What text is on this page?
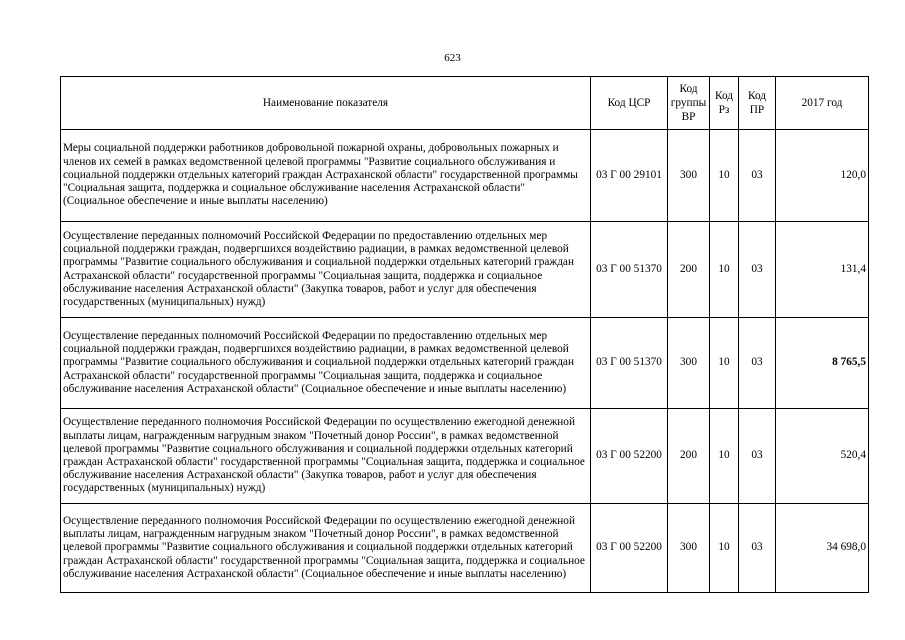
623
Наименование показателя	Код ЦСР	Код группы ВР	Код Рз	Код ПР	2017 год
Меры социальной поддержки работников добровольной пожарной охраны, добровольных пожарных и членов их семей в рамках ведомственной целевой программы "Развитие социального обслуживания и социальной поддержки отдельных категорий граждан Астраханской области" государственной программы "Социальная защита, поддержка и социальное обслуживание населения Астраханской области" (Социальное обеспечение и иные выплаты населению)	03 Г 00 29101	300	10	03	120,0
Осуществление переданных полномочий Российской Федерации по предоставлению отдельных мер социальной поддержки граждан, подвергшихся воздействию радиации, в рамках ведомственной целевой программы "Развитие социального обслуживания и социальной поддержки отдельных категорий граждан Астраханской области" государственной программы "Социальная защита, поддержка и социальное обслуживание населения Астраханской области" (Закупка товаров, работ и услуг для обеспечения государственных (муниципальных) нужд)	03 Г 00 51370	200	10	03	131,4
Осуществление переданных полномочий Российской Федерации по предоставлению отдельных мер социальной поддержки граждан, подвергшихся воздействию радиации, в рамках ведомственной целевой программы "Развитие социального обслуживания и социальной поддержки отдельных категорий граждан Астраханской области" государственной программы "Социальная защита, поддержка и социальное обслуживание населения Астраханской области" (Социальное обеспечение и иные выплаты населению)	03 Г 00 51370	300	10	03	8 765,5
Осуществление переданного полномочия Российской Федерации по осуществлению ежегодной денежной выплаты лицам, награжденным нагрудным знаком "Почетный донор России", в рамках ведомственной целевой программы "Развитие социального обслуживания и социальной поддержки отдельных категорий граждан Астраханской области" государственной программы "Социальная защита, поддержка и социальное обслуживание населения Астраханской области" (Закупка товаров, работ и услуг для обеспечения государственных (муниципальных) нужд)	03 Г 00 52200	200	10	03	520,4
Осуществление переданного полномочия Российской Федерации по осуществлению ежегодной денежной выплаты лицам, награжденным нагрудным знаком "Почетный донор России", в рамках ведомственной целевой программы "Развитие социального обслуживания и социальной поддержки отдельных категорий граждан Астраханской области" государственной программы "Социальная защита, поддержка и социальное обслуживание населения Астраханской области" (Социальное обеспечение и иные выплаты населению)	03 Г 00 52200	300	10	03	34 698,0
